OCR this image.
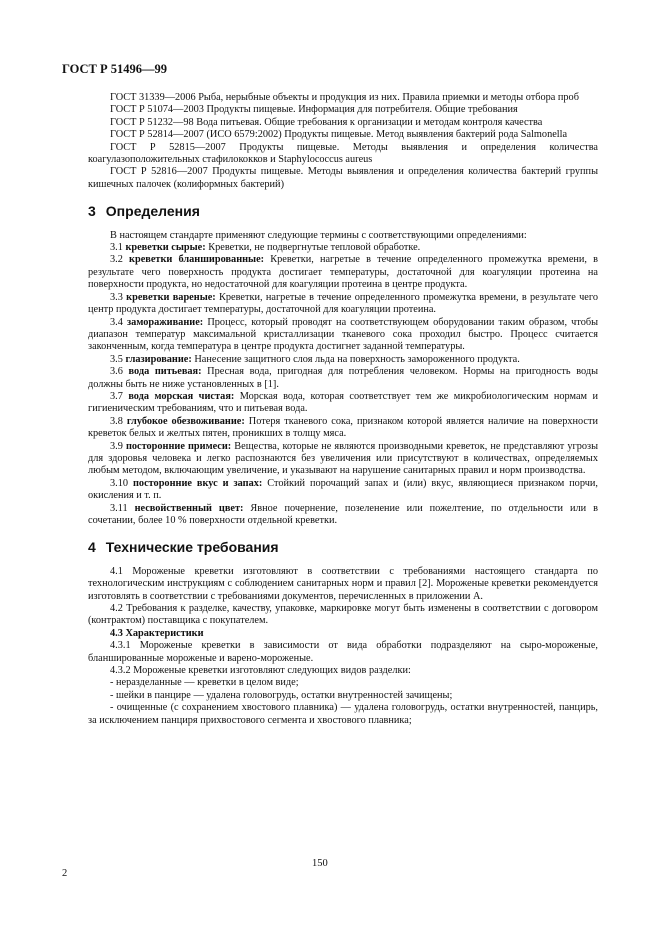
ГОСТ Р 51496—99

ГОСТ 31339—2006 Рыба, нерыбные объекты и продукция из них. Правила приемки и методы отбора проб

ГОСТ Р 51074—2003 Продукты пищевые. Информация для потребителя. Общие требования

ГОСТ Р 51232—98 Вода питьевая. Общие требования к организации и методам контроля качества

ГОСТ Р 52814—2007 (ИСО 6579:2002) Продукты пищевые. Метод выявления бактерий рода Salmonella

ГОСТ Р 52815—2007 Продукты пищевые. Методы выявления и определения количества коагулазоположительных стафилококков и Staphylococcus aureus

ГОСТ Р 52816—2007 Продукты пищевые. Методы выявления и определения количества бактерий группы кишечных палочек (колиформных бактерий)

3 Определения

В настоящем стандарте применяют следующие термины с соответствующими определениями:

3.1 креветки сырые: Креветки, не подвергнутые тепловой обработке.

3.2 креветки бланшированные: Креветки, нагретые в течение определенного промежутка времени, в результате чего поверхность продукта достигает температуры, достаточной для коагуляции протеина на поверхности продукта, но недостаточной для коагуляции протеина в центре продукта.

3.3 креветки вареные: Креветки, нагретые в течение определенного промежутка времени, в результате чего центр продукта достигает температуры, достаточной для коагуляции протеина.

3.4 замораживание: Процесс, который проводят на соответствующем оборудовании таким образом, чтобы диапазон температур максимальной кристаллизации тканевого сока проходил быстро. Процесс считается законченным, когда температура в центре продукта достигнет заданной температуры.

3.5 глазирование: Нанесение защитного слоя льда на поверхность замороженного продукта.

3.6 вода питьевая: Пресная вода, пригодная для потребления человеком. Нормы на пригодность воды должны быть не ниже установленных в [1].

3.7 вода морская чистая: Морская вода, которая соответствует тем же микробиологическим нормам и гигиеническим требованиям, что и питьевая вода.

3.8 глубокое обезвоживание: Потеря тканевого сока, признаком которой является наличие на поверхности креветок белых и желтых пятен, проникших в толщу мяса.

3.9 посторонние примеси: Вещества, которые не являются производными креветок, не представляют угрозы для здоровья человека и легко распознаются без увеличения или присутствуют в количествах, определяемых любым методом, включающим увеличение, и указывают на нарушение санитарных правил и норм производства.

3.10 посторонние вкус и запах: Стойкий порочащий запах и (или) вкус, являющиеся признаком порчи, окисления и т. п.

3.11 несвойственный цвет: Явное почернение, позеленение или пожелтение, по отдельности или в сочетании, более 10 % поверхности отдельной креветки.

4 Технические требования

4.1 Мороженые креветки изготовляют в соответствии с требованиями настоящего стандарта по технологическим инструкциям с соблюдением санитарных норм и правил [2]. Мороженые креветки рекомендуется изготовлять в соответствии с требованиями документов, перечисленных в приложении А.

4.2 Требования к разделке, качеству, упаковке, маркировке могут быть изменены в соответствии с договором (контрактом) поставщика с покупателем.

4.3 Характеристики

4.3.1 Мороженые креветки в зависимости от вида обработки подразделяют на сыро-мороженые, бланшированные мороженые и варено-мороженые.

4.3.2 Мороженые креветки изготовляют следующих видов разделки:

- неразделанные — креветки в целом виде;

- шейки в панцире — удалена головогрудь, остатки внутренностей зачищены;

- очищенные (с сохранением хвостового плавника) — удалена головогрудь, остатки внутренностей, панцирь, за исключением панциря прихвостового сегмента и хвостового плавника;

2
150
